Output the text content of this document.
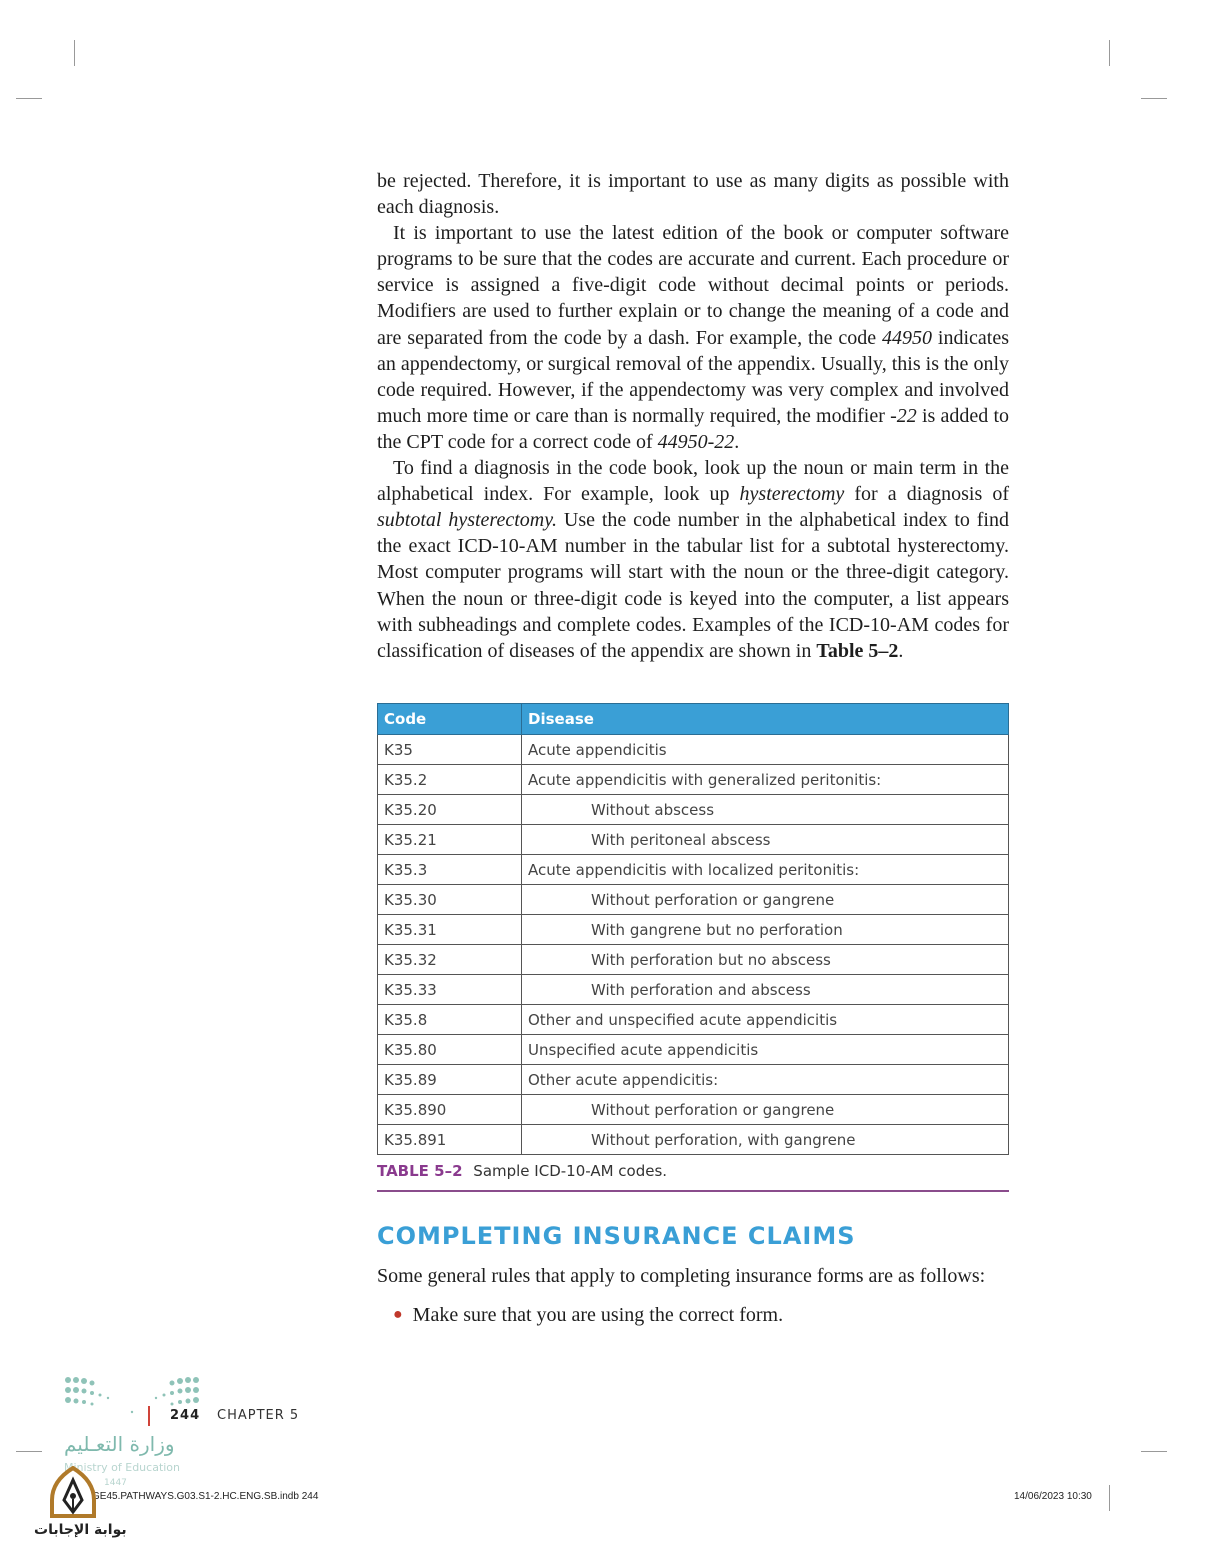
be rejected. Therefore, it is important to use as many digits as possible with each diagnosis.

It is important to use the latest edition of the book or computer software programs to be sure that the codes are accurate and current. Each procedure or service is assigned a five-digit code without decimal points or periods. Modifiers are used to further explain or to change the meaning of a code and are separated from the code by a dash. For example, the code 44950 indicates an appendectomy, or surgical removal of the appendix. Usually, this is the only code required. However, if the appendectomy was very complex and involved much more time or care than is normally required, the modifier -22 is added to the CPT code for a correct code of 44950-22.

To find a diagnosis in the code book, look up the noun or main term in the alphabetical index. For example, look up hysterectomy for a diagnosis of subtotal hysterectomy. Use the code number in the alphabetical index to find the exact ICD-10-AM number in the tabular list for a subtotal hysterectomy. Most computer programs will start with the noun or the three-digit category. When the noun or three-digit code is keyed into the computer, a list appears with subheadings and complete codes. Examples of the ICD-10-AM codes for classification of diseases of the appendix are shown in Table 5–2.

Code	Disease
K35	Acute appendicitis
K35.2	Acute appendicitis with generalized peritonitis:
K35.20	Without abscess
K35.21	With peritoneal abscess
K35.3	Acute appendicitis with localized peritonitis:
K35.30	Without perforation or gangrene
K35.31	With gangrene but no perforation
K35.32	With perforation but no abscess
K35.33	With perforation and abscess
K35.8	Other and unspecified acute appendicitis
K35.80	Unspecified acute appendicitis
K35.89	Other acute appendicitis:
K35.890	Without perforation or gangrene
K35.891	Without perforation, with gangrene
TABLE 5–2 Sample ICD-10-AM codes.
COMPLETING INSURANCE CLAIMS
Some general rules that apply to completing insurance forms are as follows:
● Make sure that you are using the correct form.
244 CHAPTER 5
وزارة التعـليم
Ministry of Education
1447
GE45.PATHWAYS.G03.S1-2.HC.ENG.SB.indb 244	14/06/2023 10:30
بوابة الإجابات
